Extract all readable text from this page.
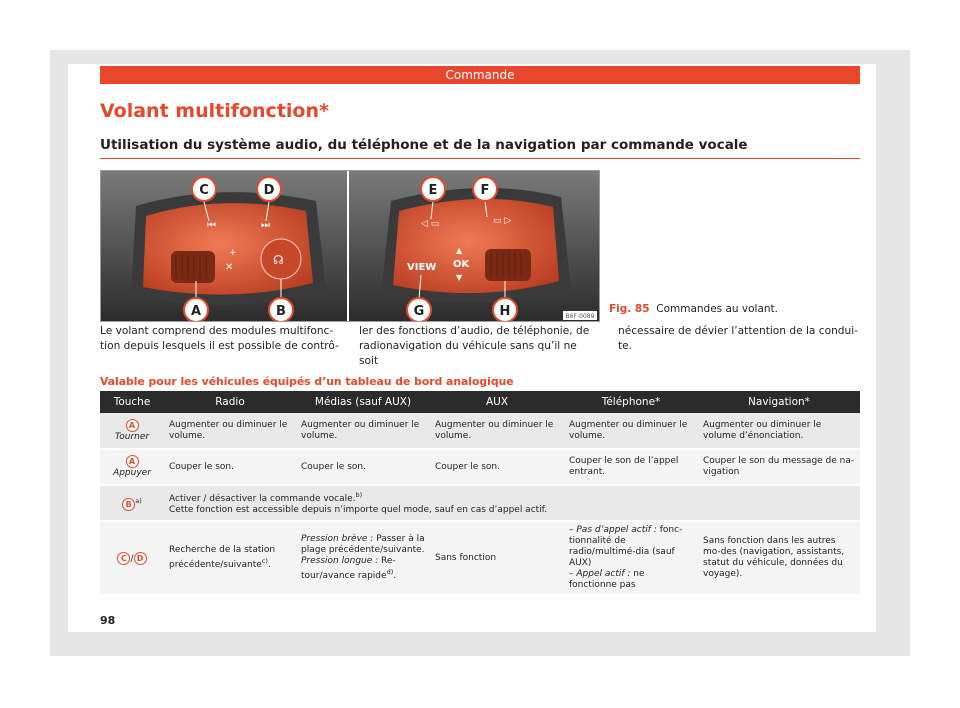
Commande
Volant multifonction*
Utilisation du système audio, du téléphone et de la navigation par commande vocale
⏮	⏭
+
✕
☊
◁ ▭	▭ ▷
VIEW
▲
OK
▼
C	D
A	B
E	F
G	H	B6F-0089
Fig. 85 Commandes au volant.
Le volant comprend des modules multifonc-tion depuis lesquels il est possible de contrô-
ler des fonctions d’audio, de téléphonie, de radionavigation du véhicule sans qu’il ne soit
nécessaire de dévier l’attention de la condui-te.
Valable pour les véhicules équipés d’un tableau de bord analogique
Touche	Radio	Médias (sauf AUX)	AUX	Téléphone*	Navigation*
A
Tourner	Augmenter ou diminuer le volume.	Augmenter ou diminuer le volume.	Augmenter ou diminuer le volume.	Augmenter ou diminuer le volume.	Augmenter ou diminuer le volume d’énonciation.
A
Appuyer	Couper le son.	Couper le son.	Couper le son.	Couper le son de l’appel entrant.	Couper le son du message de na-vigation
B $^{a)}$	Activer / désactiver la commande vocale.$^{b)}$
Cette fonction est accessible depuis n’importe quel mode, sauf en cas d’appel actif.				
C / D	Recherche de la station précédente/suivante$^{c)}$.	Pression brève : Passer à la plage précédente/suivante.
Pression longue : Re-tour/avance rapide$^{d)}$.	Sans fonction	– Pas d’appel actif : fonc-tionnalité de radio/multimé-dia (sauf AUX)
– Appel actif : ne fonctionne pas	Sans fonction dans les autres mo-des (navigation, assistants, statut du véhicule, données du voyage).
98
